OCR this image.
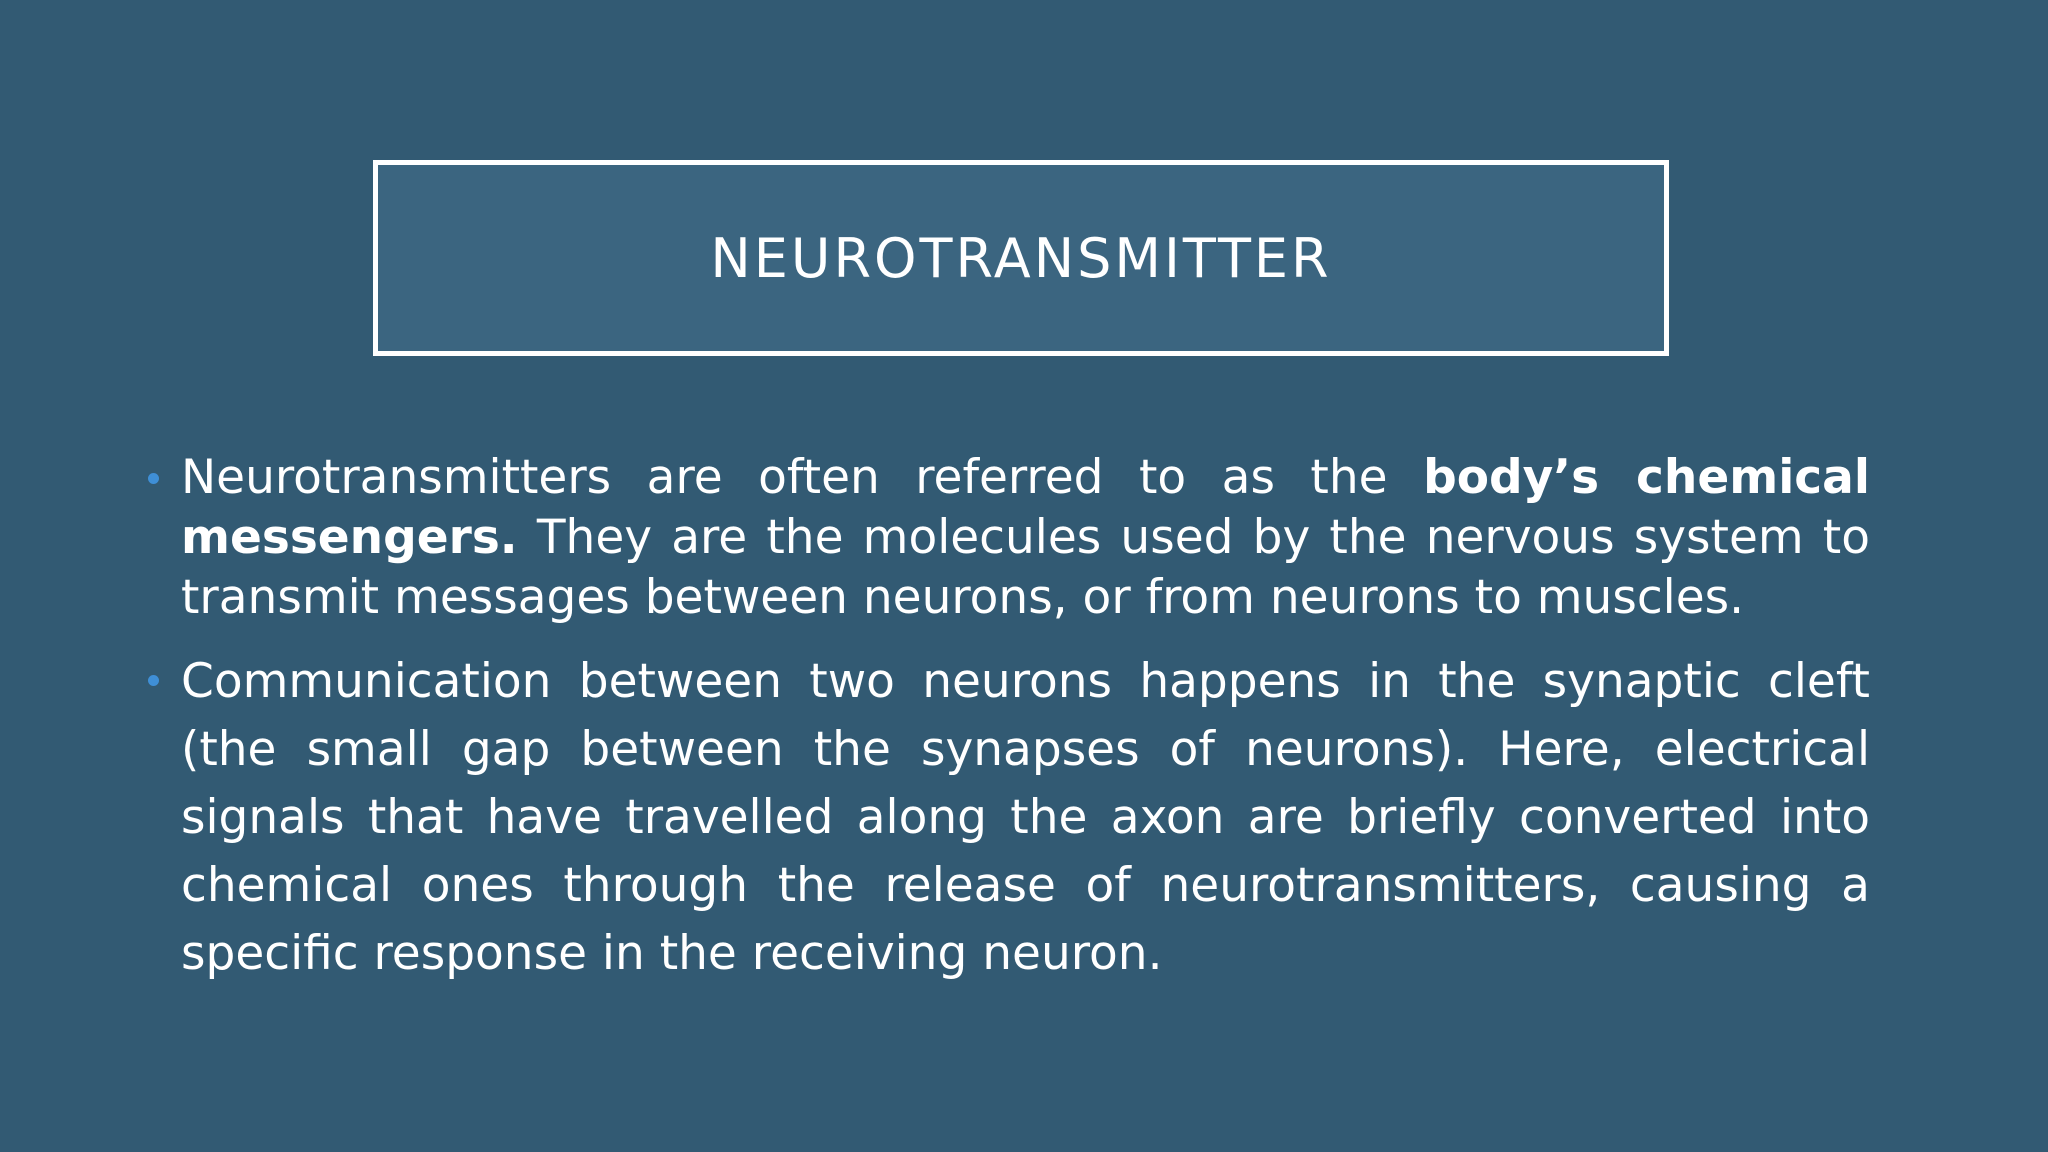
NEUROTRANSMITTER
Neurotransmitters are often referred to as the body’s chemical messengers. They are the molecules used by the nervous system to transmit messages between neurons, or from neurons to muscles.
Communication between two neurons happens in the synaptic cleft (the small gap between the synapses of neurons). Here, electrical signals that have travelled along the axon are briefly converted into chemical ones through the release of neurotransmitters, causing a specific response in the receiving neuron.
